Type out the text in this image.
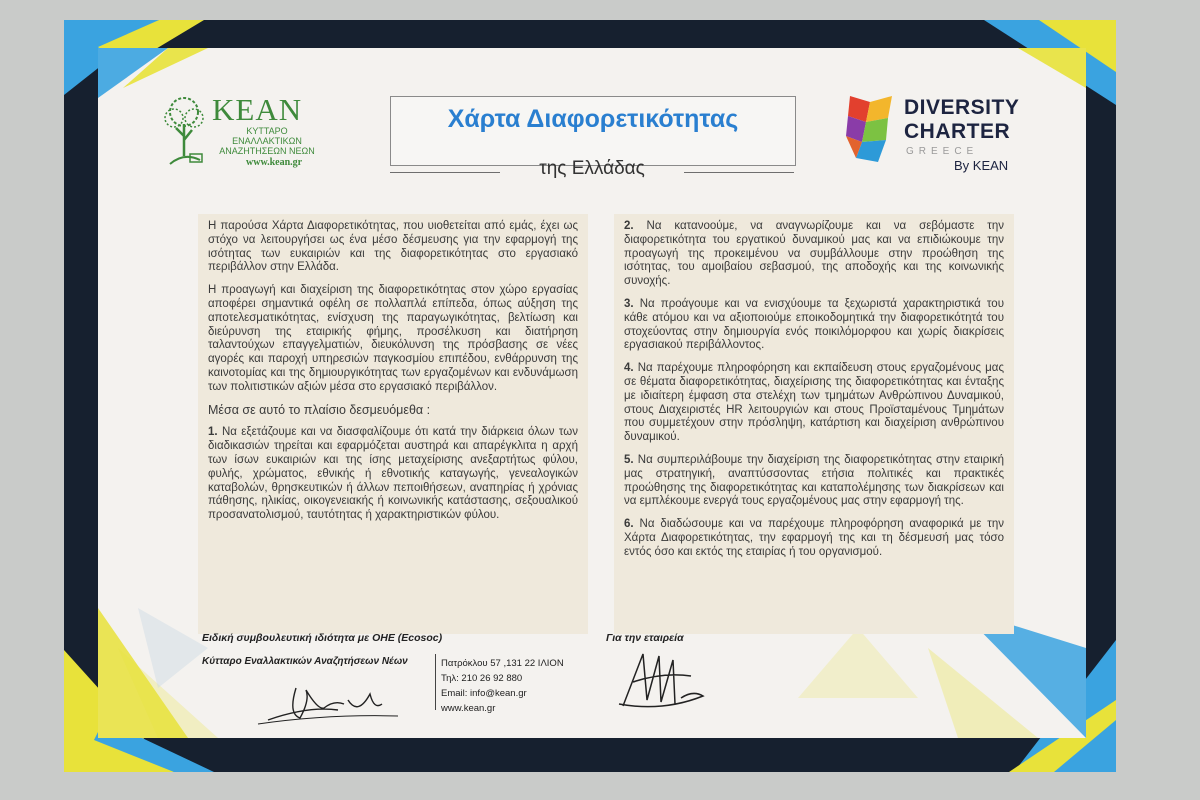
KEAN
ΚΥΤΤΑΡΟ ΕΝΑΛΛΑΚΤΙΚΩΝ ΑΝΑΖΗΤΗΣΕΩΝ ΝΕΩΝ
www.kean.gr
Χάρτα Διαφορετικότητας
της Ελλάδας
DIVERSITY
CHARTER
GREECE
By KEAN

Η παρούσα Χάρτα Διαφορετικότητας, που υιοθετείται από εμάς, έχει ως στόχο να λειτουργήσει ως ένα μέσο δέσμευσης για την εφαρμογή της ισότητας των ευκαιριών και της διαφορετικότητας στο εργασιακό περιβάλλον στην Ελλάδα.

Η προαγωγή και διαχείριση της διαφορετικότητας στον χώρο εργασίας αποφέρει σημαντικά οφέλη σε πολλαπλά επίπεδα, όπως αύξηση της αποτελεσματικότητας, ενίσχυση της παραγωγικότητας, βελτίωση και διεύρυνση της εταιρικής φήμης, προσέλκυση και διατήρηση ταλαντούχων επαγγελματιών, διευκόλυνση της πρόσβασης σε νέες αγορές και παροχή υπηρεσιών παγκοσμίου επιπέδου, ενθάρρυνση της καινοτομίας και της δημιουργικότητας των εργαζομένων και ενδυνάμωση των πολιτιστικών αξιών μέσα στο εργασιακό περιβάλλον.

Μέσα σε αυτό το πλαίσιο δεσμευόμεθα :

1. Να εξετάζουμε και να διασφαλίζουμε ότι κατά την διάρκεια όλων των διαδικασιών τηρείται και εφαρμόζεται αυστηρά και απαρέγκλιτα η αρχή των ίσων ευκαιριών και της ίσης μεταχείρισης ανεξαρτήτως φύλου, φυλής, χρώματος, εθνικής ή εθνοτικής καταγωγής, γενεαλογικών καταβολών, θρησκευτικών ή άλλων πεποιθήσεων, αναπηρίας ή χρόνιας πάθησης, ηλικίας, οικογενειακής ή κοινωνικής κατάστασης, σεξουαλικού προσανατολισμού, ταυτότητας ή χαρακτηριστικών φύλου.

2. Να κατανοούμε, να αναγνωρίζουμε και να σεβόμαστε την διαφορετικότητα του εργατικού δυναμικού μας και να επιδιώκουμε την προαγωγή της προκειμένου να συμβάλλουμε στην προώθηση της ισότητας, του αμοιβαίου σεβασμού, της αποδοχής και της κοινωνικής συνοχής.

3. Να προάγουμε και να ενισχύουμε τα ξεχωριστά χαρακτηριστικά του κάθε ατόμου και να αξιοποιούμε εποικοδομητικά την διαφορετικότητά του στοχεύοντας στην δημιουργία ενός ποικιλόμορφου και χωρίς διακρίσεις εργασιακού περιβάλλοντος.

4. Να παρέχουμε πληροφόρηση και εκπαίδευση στους εργαζομένους μας σε θέματα διαφορετικότητας, διαχείρισης της διαφορετικότητας και ένταξης με ιδιαίτερη έμφαση στα στελέχη των τμημάτων Ανθρώπινου Δυναμικού, στους Διαχειριστές HR λειτουργιών και στους Προϊσταμένους Τμημάτων που συμμετέχουν στην πρόσληψη, κατάρτιση και διαχείριση ανθρώπινου δυναμικού.

5. Να συμπεριλάβουμε την διαχείριση της διαφορετικότητας στην εταιρική μας στρατηγική, αναπτύσσοντας ετήσια πολιτικές και πρακτικές προώθησης της διαφορετικότητας και καταπολέμησης των διακρίσεων και να εμπλέκουμε ενεργά τους εργαζομένους μας στην εφαρμογή της.

6. Να διαδώσουμε και να παρέχουμε πληροφόρηση αναφορικά με την Χάρτα Διαφορετικότητας, την εφαρμογή της και τη δέσμευσή μας τόσο εντός όσο και εκτός της εταιρίας ή του οργανισμού.

Ειδική συμβουλευτική ιδιότητα με ΟΗΕ (Ecosoc)
Κύτταρο Εναλλακτικών Αναζητήσεων Νέων	Πατρόκλου 57 ,131 22 ΙΛΙΟΝ
Τηλ: 210 26 92 880
Email: info@kean.gr
www.kean.gr
Για την εταιρεία
